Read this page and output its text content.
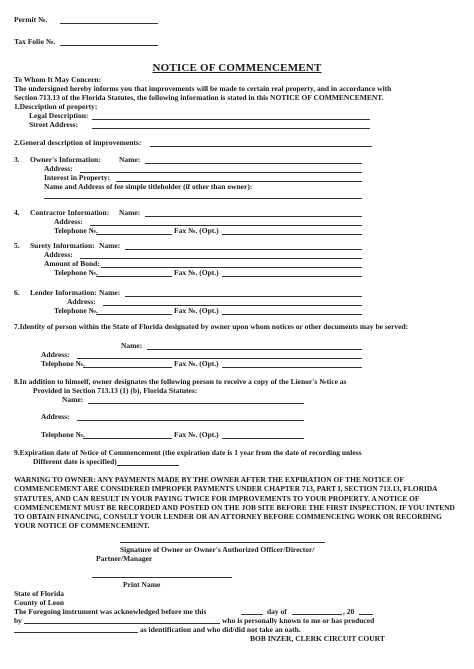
Permit №.
Tax Folio №.
NOTICE OF COMMENCEMENT
To Whom It May Concern:
The undersigned hereby informs you that improvements will be made to certain real property, and in accordance with
Section 713.13 of the Florida Statutes, the following information is stated in this NOTICE OF COMMENCEMENT.
1.Description of property:
Legal Description:
Street Address:
2.General description of improvements:
3. Owner's Information: Name:
Address:
Interest in Property:
Name and Address of fee simple titleholder (if other than owner):
4. Contractor Information: Name:
Address:
Telephone №.	Fax №. (Opt.)
5. Surety Information: Name:
Address:
Amount of Bond:
Telephone №.	Fax №. (Opt.)
6. Lender Information: Name:
Address:
Telephone №.	Fax №. (Opt.)
7.Identity of person within the State of Florida designated by owner upon whom notices or other documents may be served:
Name:
Address:
Telephone №.	Fax №. (Opt.)
8.In addition to himself, owner designates the following person to receive a copy of the Lienor's №tice as
Provided in Section 713.13 (1) (b), Florida Statutes:
Name:
Address:
Telephone №.	Fax №. (Opt.)
9.Expiration date of №tice of Commencement (the expiration date is 1 year from the date of recording unless
Different date is specified)
WARNING TO OWNER: ANY PAYMENTS MADE BY THE OWNER AFTER THE EXPIRATION OF THE NOTICE OF COMMENCEMENT ARE CONSIDERED IMPROPER PAYMENTS UNDER CHAPTER 713, PART I, SECTION 713.13, FLORIDA STATUTES, AND CAN RESULT IN YOUR PAYING TWICE FOR IMPROVEMENTS TO YOUR PROPERTY. A NOTICE OF COMMENCEMENT MUST BE RECORDED AND POSTED ON THE JOB SITE BEFORE THE FIRST INSPECTION. IF YOU INTEND TO OBTAIN FINANCING, CONSULT YOUR LENDER OR AN ATTORNEY BEFORE COMMENCEING WORK OR RECORDING YOUR NOTICE OF COMMENCEMENT.
Signature of Owner or Owner's Authorized Officer/Director/
Partner/Manager
Print Name
State of Florida
County of Leon
The Foregoing instrument was acknowledged before me this	day of	, 20
by	who is personally known to me or has produced
as identification and who did/did not take an oath.
BOB INZER, CLERK CIRCUIT COURT
